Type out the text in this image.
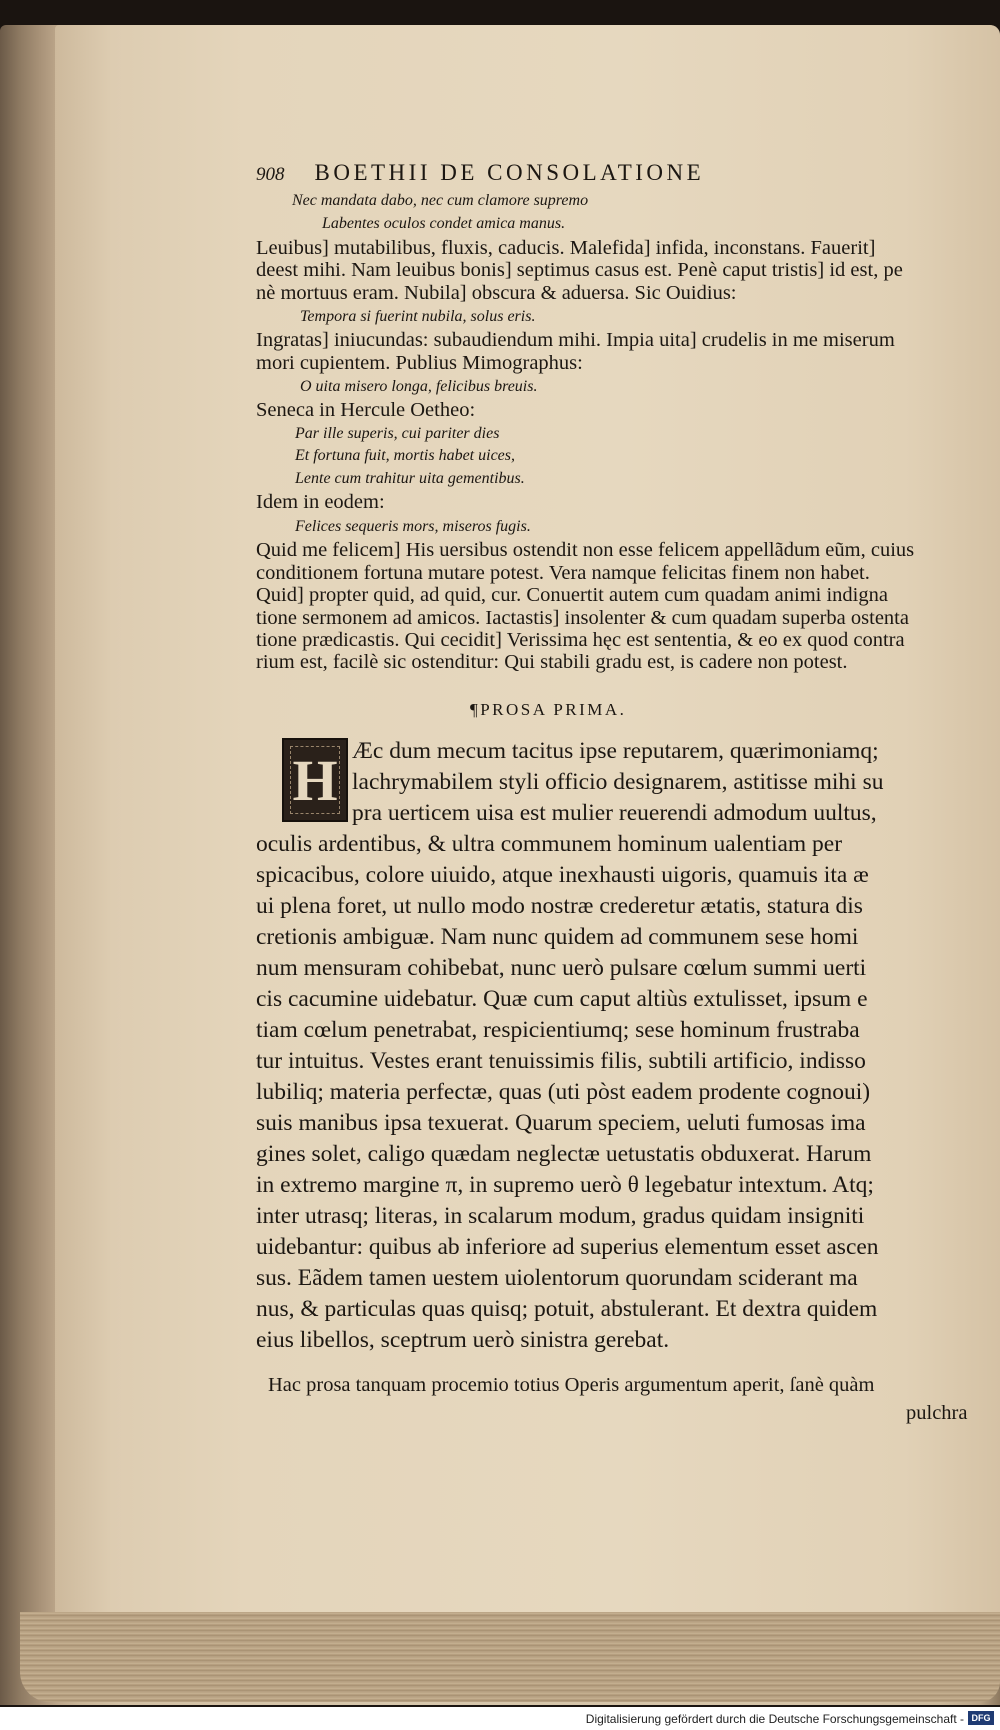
908 BOETHII DE CONSOLATIONE
Nec mandata dabo, nec cum clamore supremo
Labentes oculos condet amica manus.
Leuibus] mutabilibus, fluxis, caducis. Malefida] infida, inconstans. Fauerit]
deest mihi. Nam leuibus bonis] septimus casus est. Penè caput tristis] id est, pe
nè mortuus eram. Nubila] obscura & aduersa. Sic Ouidius:
Tempora si fuerint nubila, solus eris.
Ingratas] iniucundas: subaudiendum mihi. Impia uita] crudelis in me miserum
mori cupientem. Publius Mimographus:
O uita misero longa, felicibus breuis.
Seneca in Hercule Oetheo:
Par ille superis, cui pariter dies
Et fortuna fuit, mortis habet uices,
Lente cum trahitur uita gementibus.
Idem in eodem:
Felices sequeris mors, miseros fugis.
Quid me felicem] His uersibus ostendit non esse felicem appellãdum eũm, cuius
conditionem fortuna mutare potest. Vera namque felicitas finem non habet.
Quid] propter quid, ad quid, cur. Conuertit autem cum quadam animi indigna
tione sermonem ad amicos. Iactastis] insolenter & cum quadam superba ostenta
tione prædicastis. Qui cecidit] Verissima hęc est sententia, & eo ex quod contra
rium est, facilè sic ostenditur: Qui stabili gradu est, is cadere non potest.
¶PROSA PRIMA.
H Æc dum mecum tacitus ipse reputarem, quærimoniamq;
lachrymabilem styli officio designarem, astitisse mihi su
pra uerticem uisa est mulier reuerendi admodum uultus,
oculis ardentibus, & ultra communem hominum ualentiam per
spicacibus, colore uiuido, atque inexhausti uigoris, quamuis ita æ
ui plena foret, ut nullo modo nostræ crederetur ætatis, statura dis
cretionis ambiguæ. Nam nunc quidem ad communem sese homi
num mensuram cohibebat, nunc uerò pulsare cœlum summi uerti
cis cacumine uidebatur. Quæ cum caput altiùs extulisset, ipsum e
tiam cœlum penetrabat, respicientiumq; sese hominum frustraba
tur intuitus. Vestes erant tenuissimis filis, subtili artificio, indisso
lubiliq; materia perfectæ, quas (uti pòst eadem prodente cognoui)
suis manibus ipsa texuerat. Quarum speciem, ueluti fumosas ima
gines solet, caligo quædam neglectæ uetustatis obduxerat. Harum
in extremo margine π, in supremo uerò θ legebatur intextum. Atq;
inter utrasq; literas, in scalarum modum, gradus quidam insigniti
uidebantur: quibus ab inferiore ad superius elementum esset ascen
sus. Eãdem tamen uestem uiolentorum quorundam sciderant ma
nus, & particulas quas quisq; potuit, abstulerant. Et dextra quidem
eius libellos, sceptrum uerò sinistra gerebat.
Hac prosa tanquam procemio totius Operis argumentum aperit, ſanè quàm
pulchra
Digitalisierung gefördert durch die Deutsche Forschungsgemeinschaft - DFG
